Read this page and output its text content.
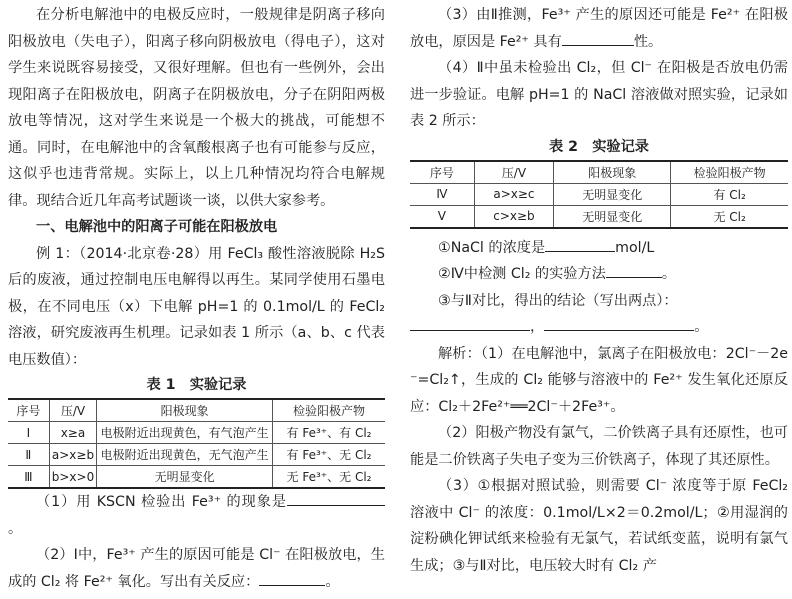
在分析电解池中的电极反应时，一般规律是阴离子移向阳极放电（失电子），阳离子移向阴极放电（得电子），这对学生来说既容易接受，又很好理解。但也有一些例外，会出现阳离子在阳极放电，阴离子在阴极放电，分子在阴阳两极放电等情况，这对学生来说是一个极大的挑战，可能想不通。同时，在电解池中的含氧酸根离子也有可能参与反应，这似乎也违背常规。实际上，以上几种情况均符合电解规律。现结合近几年高考试题谈一谈，以供大家参考。

一、电解池中的阳离子可能在阳极放电

例 1：（2014·北京卷·28）用 FeCl₃ 酸性溶液脱除 H₂S 后的废液，通过控制电压电解得以再生。某同学使用石墨电极，在不同电压（x）下电解 pH=1 的 0.1mol/L 的 FeCl₂ 溶液，研究废液再生机理。记录如表 1 所示（a、b、c 代表电压数值）：

表 1　实验记录
序号	压/V	阳极现象	检验阳极产物
Ⅰ	x≥a	电极附近出现黄色，有气泡产生	有 Fe³⁺、有 Cl₂
Ⅱ	a>x≥b	电极附近出现黄色，无气泡产生	有 Fe³⁺、无 Cl₂
Ⅲ	b>x>0	无明显变化	无 Fe³⁺、无 Cl₂

（1）用 KSCN 检验出 Fe³⁺ 的现象是。

（2）Ⅰ中，Fe³⁺ 产生的原因可能是 Cl⁻ 在阳极放电，生成的 Cl₂ 将 Fe²⁺ 氧化。写出有关反应：	。

（3）由Ⅱ推测，Fe³⁺ 产生的原因还可能是 Fe²⁺ 在阳极放电，原因是 Fe²⁺ 具有	性。

（4）Ⅱ中虽未检验出 Cl₂，但 Cl⁻ 在阳极是否放电仍需进一步验证。电解 pH=1 的 NaCl 溶液做对照实验，记录如表 2 所示：

表 2　实验记录
序号	压/V	阳极现象	检验阳极产物
Ⅳ	a>x≥c	无明显变化	有 Cl₂
Ⅴ	c>x≥b	无明显变化	无 Cl₂

①NaCl 的浓度是	mol/L

②Ⅳ中检测 Cl₂ 的实验方法	。

③与Ⅱ对比，得出的结论（写出两点）：

，	。

解析：（1）在电解池中，氯离子在阳极放电：2Cl⁻－2e⁻=Cl₂↑，生成的 Cl₂ 能够与溶液中的 Fe²⁺ 发生氧化还原反应：Cl₂＋2Fe²⁺══2Cl⁻＋2Fe³⁺。

（2）阳极产物没有氯气，二价铁离子具有还原性，也可能是二价铁离子失电子变为三价铁离子，体现了其还原性。

（3）①根据对照试验，则需要 Cl⁻ 浓度等于原 FeCl₂ 溶液中 Cl⁻ 的浓度：0.1mol/L×2＝0.2mol/L；②用湿润的淀粉碘化钾试纸来检验有无氯气，若试纸变蓝，说明有氯气生成；③与Ⅱ对比，电压较大时有 Cl₂ 产
